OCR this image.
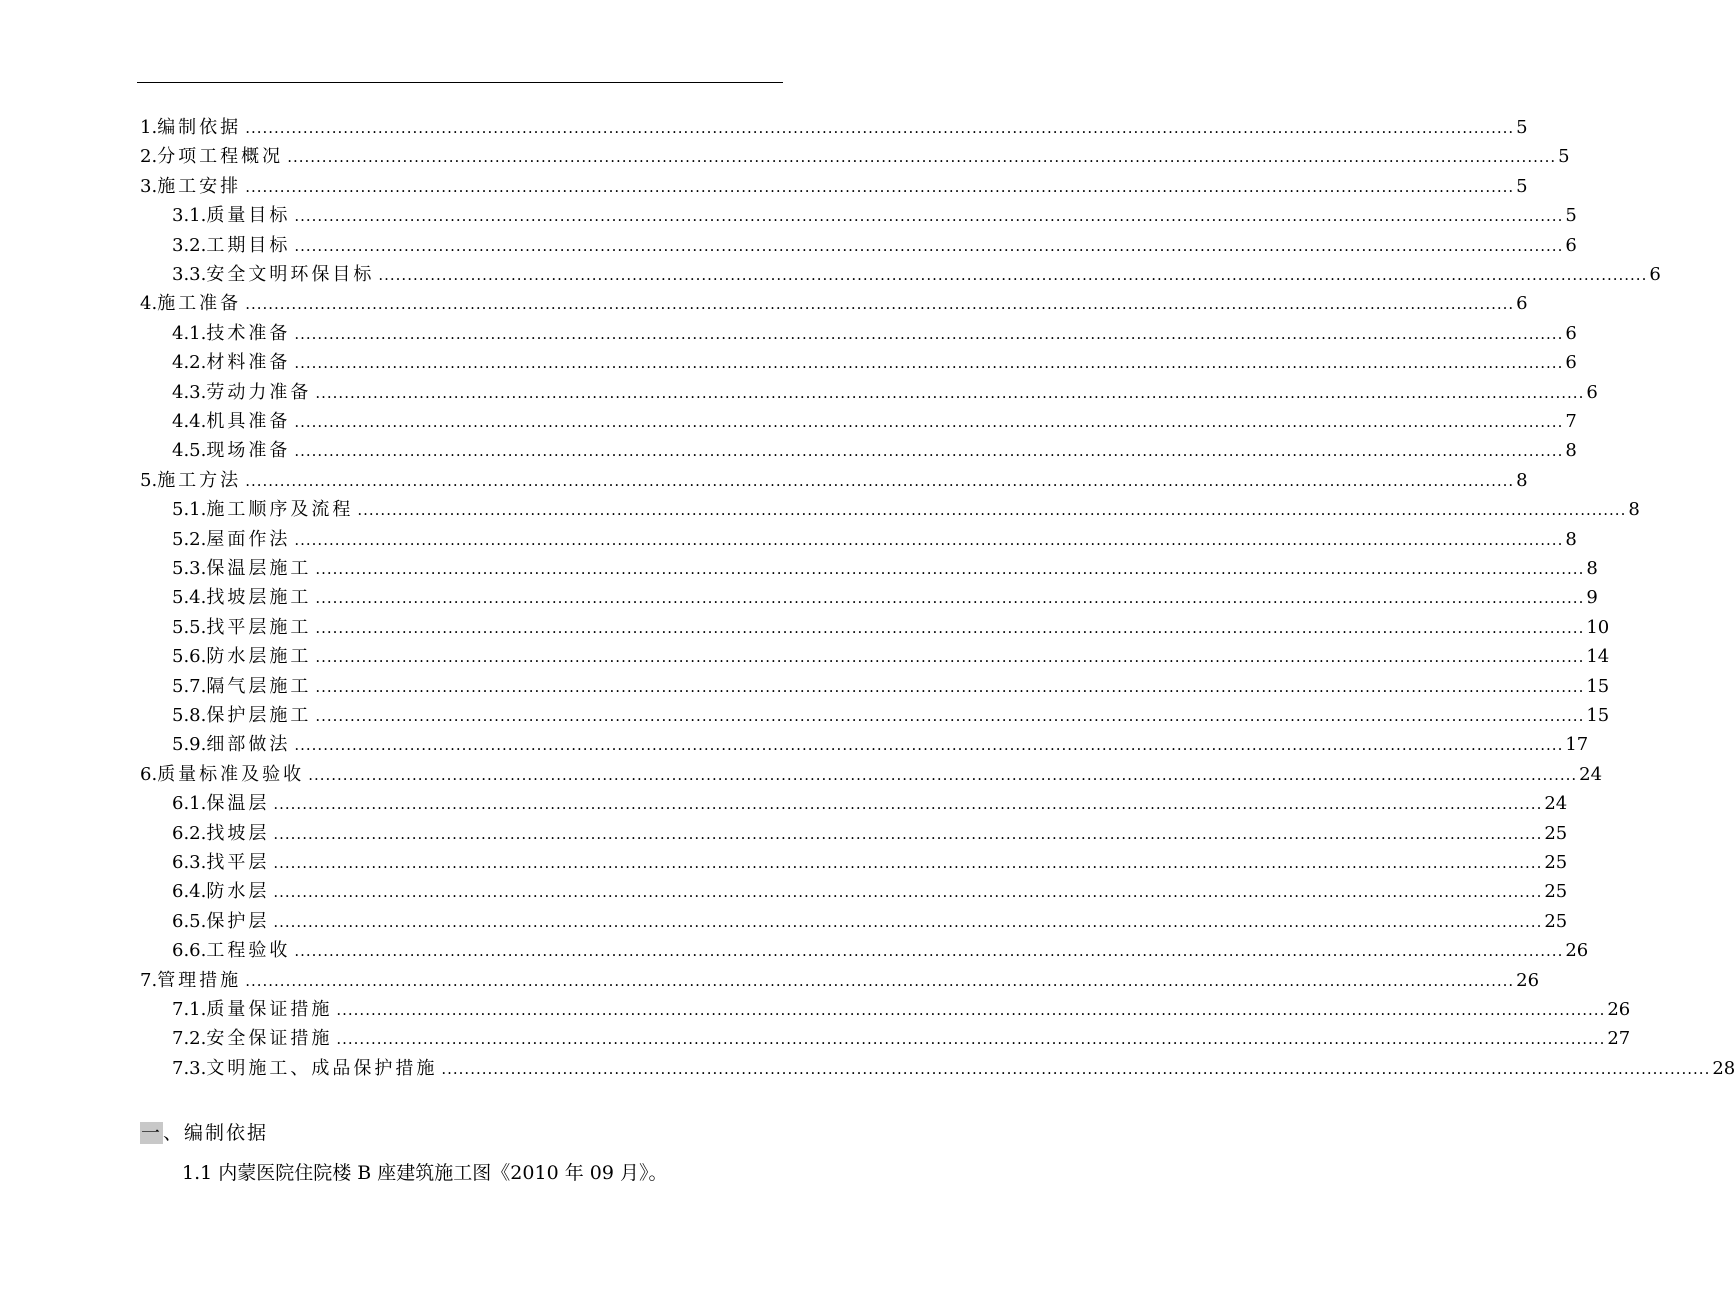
1. 编制依据 ............................................................................................................................................................................................................................ 5
2. 分项工程概况 ............................................................................................................................................................................................................................ 5
3. 施工安排 ............................................................................................................................................................................................................................ 5
3.1. 质量目标 ............................................................................................................................................................................................................................ 5
3.2. 工期目标 ............................................................................................................................................................................................................................ 6
3.3. 安全文明环保目标 ............................................................................................................................................................................................................................ 6
4. 施工准备 ............................................................................................................................................................................................................................ 6
4.1. 技术准备 ............................................................................................................................................................................................................................ 6
4.2. 材料准备 ............................................................................................................................................................................................................................ 6
4.3. 劳动力准备 ............................................................................................................................................................................................................................ 6
4.4. 机具准备 ............................................................................................................................................................................................................................ 7
4.5. 现场准备 ............................................................................................................................................................................................................................ 8
5. 施工方法 ............................................................................................................................................................................................................................ 8
5.1. 施工顺序及流程 ............................................................................................................................................................................................................................ 8
5.2. 屋面作法 ............................................................................................................................................................................................................................ 8
5.3. 保温层施工 ............................................................................................................................................................................................................................ 8
5.4. 找坡层施工 ............................................................................................................................................................................................................................ 9
5.5. 找平层施工 ............................................................................................................................................................................................................................ 10
5.6. 防水层施工 ............................................................................................................................................................................................................................ 14
5.7. 隔气层施工 ............................................................................................................................................................................................................................ 15
5.8. 保护层施工 ............................................................................................................................................................................................................................ 15
5.9. 细部做法 ............................................................................................................................................................................................................................ 17
6. 质量标准及验收 ............................................................................................................................................................................................................................ 24
6.1. 保温层 ............................................................................................................................................................................................................................ 24
6.2. 找坡层 ............................................................................................................................................................................................................................ 25
6.3. 找平层 ............................................................................................................................................................................................................................ 25
6.4. 防水层 ............................................................................................................................................................................................................................ 25
6.5. 保护层 ............................................................................................................................................................................................................................ 25
6.6. 工程验收 ............................................................................................................................................................................................................................ 26
7. 管理措施 ............................................................................................................................................................................................................................ 26
7.1. 质量保证措施 ............................................................................................................................................................................................................................ 26
7.2. 安全保证措施 ............................................................................................................................................................................................................................ 27
7.3. 文明施工、成品保护措施 ............................................................................................................................................................................................................................ 28
一、编制依据
1.1 内蒙医院住院楼 B 座建筑施工图《2010 年 09 月》。
